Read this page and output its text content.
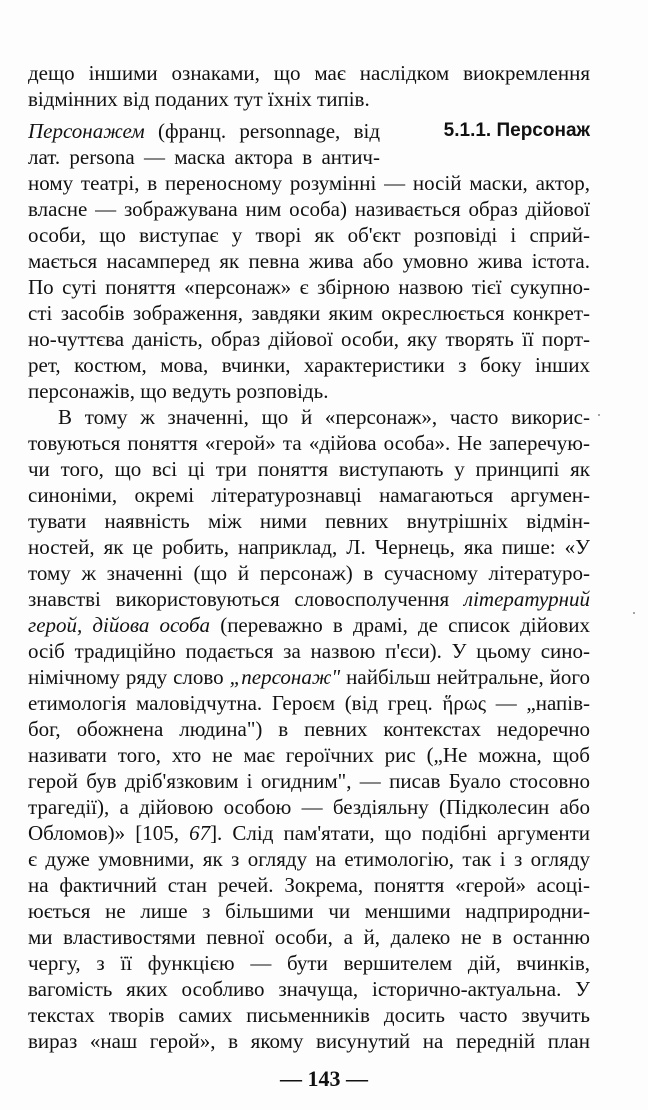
дещо іншими ознаками, що має наслідком виокремлення
відмінних від поданих тут їхніх типів.
Персонажем (франц. personnage, від	5.1.1. Персонаж
лат. persona — маска актора в антич-
ному театрі, в переносному розумінні — носій маски, актор,
власне — зображувана ним особа) називається образ дійової
особи, що виступає у творі як об'єкт розповіді і сприй-
мається насамперед як певна жива або умовно жива істота.
По суті поняття «персонаж» є збірною назвою тієї сукупно-
сті засобів зображення, завдяки яким окреслюється конкрет-
но-чуттєва даність, образ дійової особи, яку творять її порт-
рет, костюм, мова, вчинки, характеристики з боку інших
персонажів, що ведуть розповідь.
В тому ж значенні, що й «персонаж», часто викорис-
товуються поняття «герой» та «дійова особа». Не заперечую-
чи того, що всі ці три поняття виступають у принципі як
синоніми, окремі літературознавці намагаються аргумен-
тувати наявність між ними певних внутрішніх відмін-
ностей, як це робить, наприклад, Л. Чернець, яка пише: «У
тому ж значенні (що й персонаж) в сучасному літературо-
знавстві використовуються словосполучення літературний
герой, дійова особа (переважно в драмі, де список дійових
осіб традиційно подається за назвою п'єси). У цьому сино-
німічному ряду слово „персонаж" найбільш нейтральне, його
етимологія маловідчутна. Героєм (від грец. ἥρως — „напів-
бог, обожнена людина") в певних контекстах недоречно
називати того, хто не має героїчних рис („Не можна, щоб
герой був дріб'язковим і огидним", — писав Буало стосовно
трагедії), а дійовою особою — бездіяльну (Підколесин або
Обломов)» [105, 67]. Слід пам'ятати, що подібні аргументи
є дуже умовними, як з огляду на етимологію, так і з огляду
на фактичний стан речей. Зокрема, поняття «герой» асоці-
юється не лише з більшими чи меншими надприродни-
ми властивостями певної особи, а й, далеко не в останню
чергу, з її функцією — бути вершителем дій, вчинків,
вагомість яких особливо значуща, історично-актуальна. У
текстах творів самих письменників досить часто звучить
вираз «наш герой», в якому висунутий на передній план
— 143 —
